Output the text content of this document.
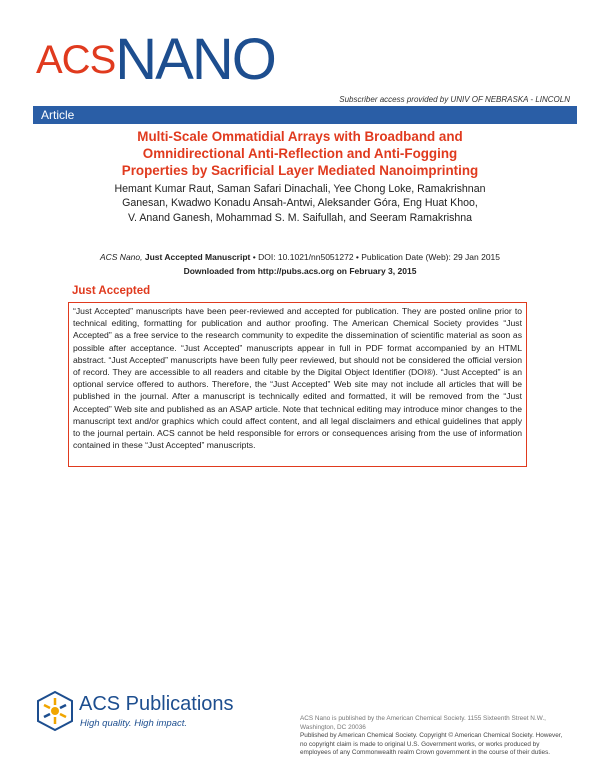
ACSNANO
Subscriber access provided by UNIV OF NEBRASKA - LINCOLN
Article
Multi-Scale Ommatidial Arrays with Broadband and
Omnidirectional Anti-Reflection and Anti-Fogging
Properties by Sacrificial Layer Mediated Nanoimprinting
Hemant Kumar Raut, Saman Safari Dinachali, Yee Chong Loke, Ramakrishnan
Ganesan, Kwadwo Konadu Ansah-Antwi, Aleksander Góra, Eng Huat Khoo,
V. Anand Ganesh, Mohammad S. M. Saifullah, and Seeram Ramakrishna
ACS Nano, Just Accepted Manuscript • DOI: 10.1021/nn5051272 • Publication Date (Web): 29 Jan 2015
Downloaded from http://pubs.acs.org on February 3, 2015
Just Accepted
“Just Accepted” manuscripts have been peer-reviewed and accepted for publication. They are posted online prior to technical editing, formatting for publication and author proofing. The American Chemical Society provides “Just Accepted” as a free service to the research community to expedite the dissemination of scientific material as soon as possible after acceptance. “Just Accepted” manuscripts appear in full in PDF format accompanied by an HTML abstract. “Just Accepted” manuscripts have been fully peer reviewed, but should not be considered the official version of record. They are accessible to all readers and citable by the Digital Object Identifier (DOI®). “Just Accepted” is an optional service offered to authors. Therefore, the “Just Accepted” Web site may not include all articles that will be published in the journal. After a manuscript is technically edited and formatted, it will be removed from the “Just Accepted” Web site and published as an ASAP article. Note that technical editing may introduce minor changes to the manuscript text and/or graphics which could affect content, and all legal disclaimers and ethical guidelines that apply to the journal pertain. ACS cannot be held responsible for errors or consequences arising from the use of information contained in these “Just Accepted” manuscripts.
ACS Publications
High quality. High impact.	ACS Nano is published by the American Chemical Society. 1155 Sixteenth Street N.W., Washington, DC 20036

Published by American Chemical Society. Copyright © American Chemical Society. However, no copyright claim is made to original U.S. Government works, or works produced by employees of any Commonwealth realm Crown government in the course of their duties.
